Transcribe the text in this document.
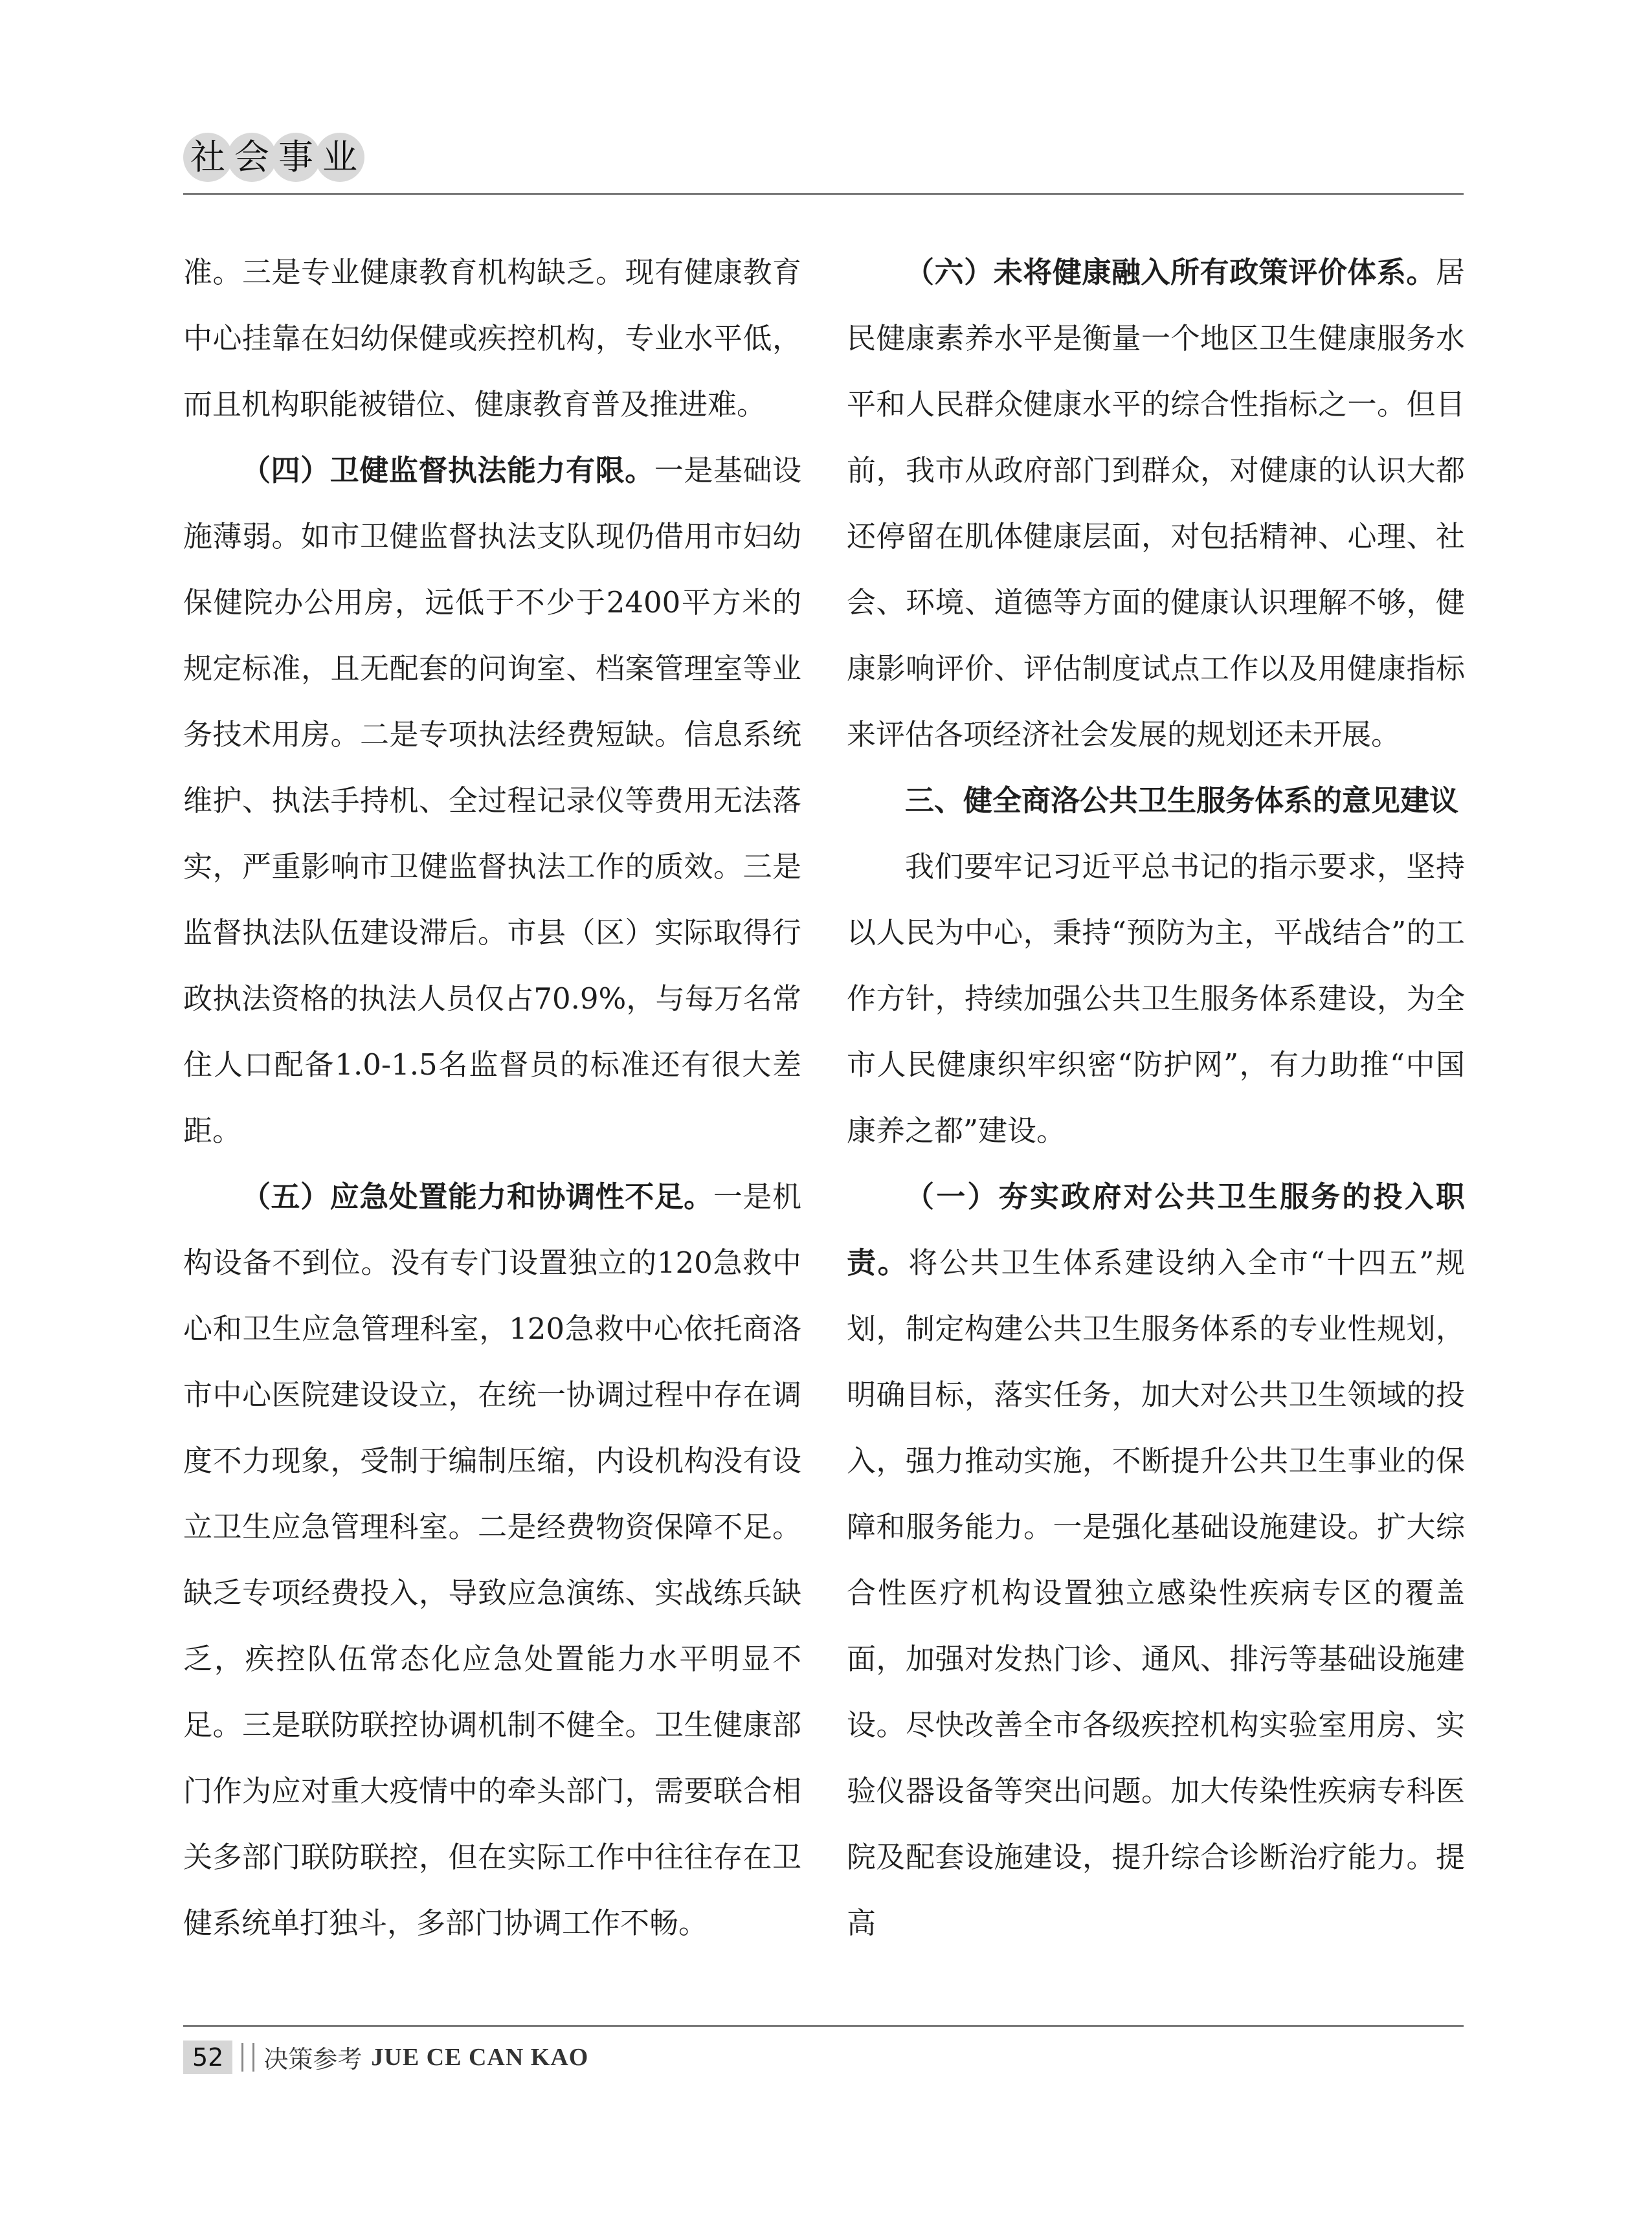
社 会 事 业

准。三是专业健康教育机构缺乏。现有健康教育中心挂靠在妇幼保健或疾控机构，专业水平低，而且机构职能被错位、健康教育普及推进难。

（四）卫健监督执法能力有限。一是基础设施薄弱。如市卫健监督执法支队现仍借用市妇幼保健院办公用房，远低于不少于2400平方米的规定标准，且无配套的问询室、档案管理室等业务技术用房。二是专项执法经费短缺。信息系统维护、执法手持机、全过程记录仪等费用无法落实，严重影响市卫健监督执法工作的质效。三是监督执法队伍建设滞后。市县（区）实际取得行政执法资格的执法人员仅占70.9%，与每万名常住人口配备1.0-1.5名监督员的标准还有很大差距。

（五）应急处置能力和协调性不足。一是机构设备不到位。没有专门设置独立的120急救中心和卫生应急管理科室，120急救中心依托商洛市中心医院建设设立，在统一协调过程中存在调度不力现象，受制于编制压缩，内设机构没有设立卫生应急管理科室。二是经费物资保障不足。缺乏专项经费投入，导致应急演练、实战练兵缺乏，疾控队伍常态化应急处置能力水平明显不足。三是联防联控协调机制不健全。卫生健康部门作为应对重大疫情中的牵头部门，需要联合相关多部门联防联控，但在实际工作中往往存在卫健系统单打独斗，多部门协调工作不畅。

（六）未将健康融入所有政策评价体系。居民健康素养水平是衡量一个地区卫生健康服务水平和人民群众健康水平的综合性指标之一。但目前，我市从政府部门到群众，对健康的认识大都还停留在肌体健康层面，对包括精神、心理、社会、环境、道德等方面的健康认识理解不够，健康影响评价、评估制度试点工作以及用健康指标来评估各项经济社会发展的规划还未开展。

三、健全商洛公共卫生服务体系的意见建议

我们要牢记习近平总书记的指示要求，坚持以人民为中心，秉持“预防为主，平战结合”的工作方针，持续加强公共卫生服务体系建设，为全市人民健康织牢织密“防护网”，有力助推“中国康养之都”建设。

（一）夯实政府对公共卫生服务的投入职责。将公共卫生体系建设纳入全市“十四五”规划，制定构建公共卫生服务体系的专业性规划，明确目标，落实任务，加大对公共卫生领域的投入，强力推动实施，不断提升公共卫生事业的保障和服务能力。一是强化基础设施建设。扩大综合性医疗机构设置独立感染性疾病专区的覆盖面，加强对发热门诊、通风、排污等基础设施建设。尽快改善全市各级疾控机构实验室用房、实验仪器设备等突出问题。加大传染性疾病专科医院及配套设施建设，提升综合诊断治疗能力。提高

52	决策参考 JUE CE CAN KAO
